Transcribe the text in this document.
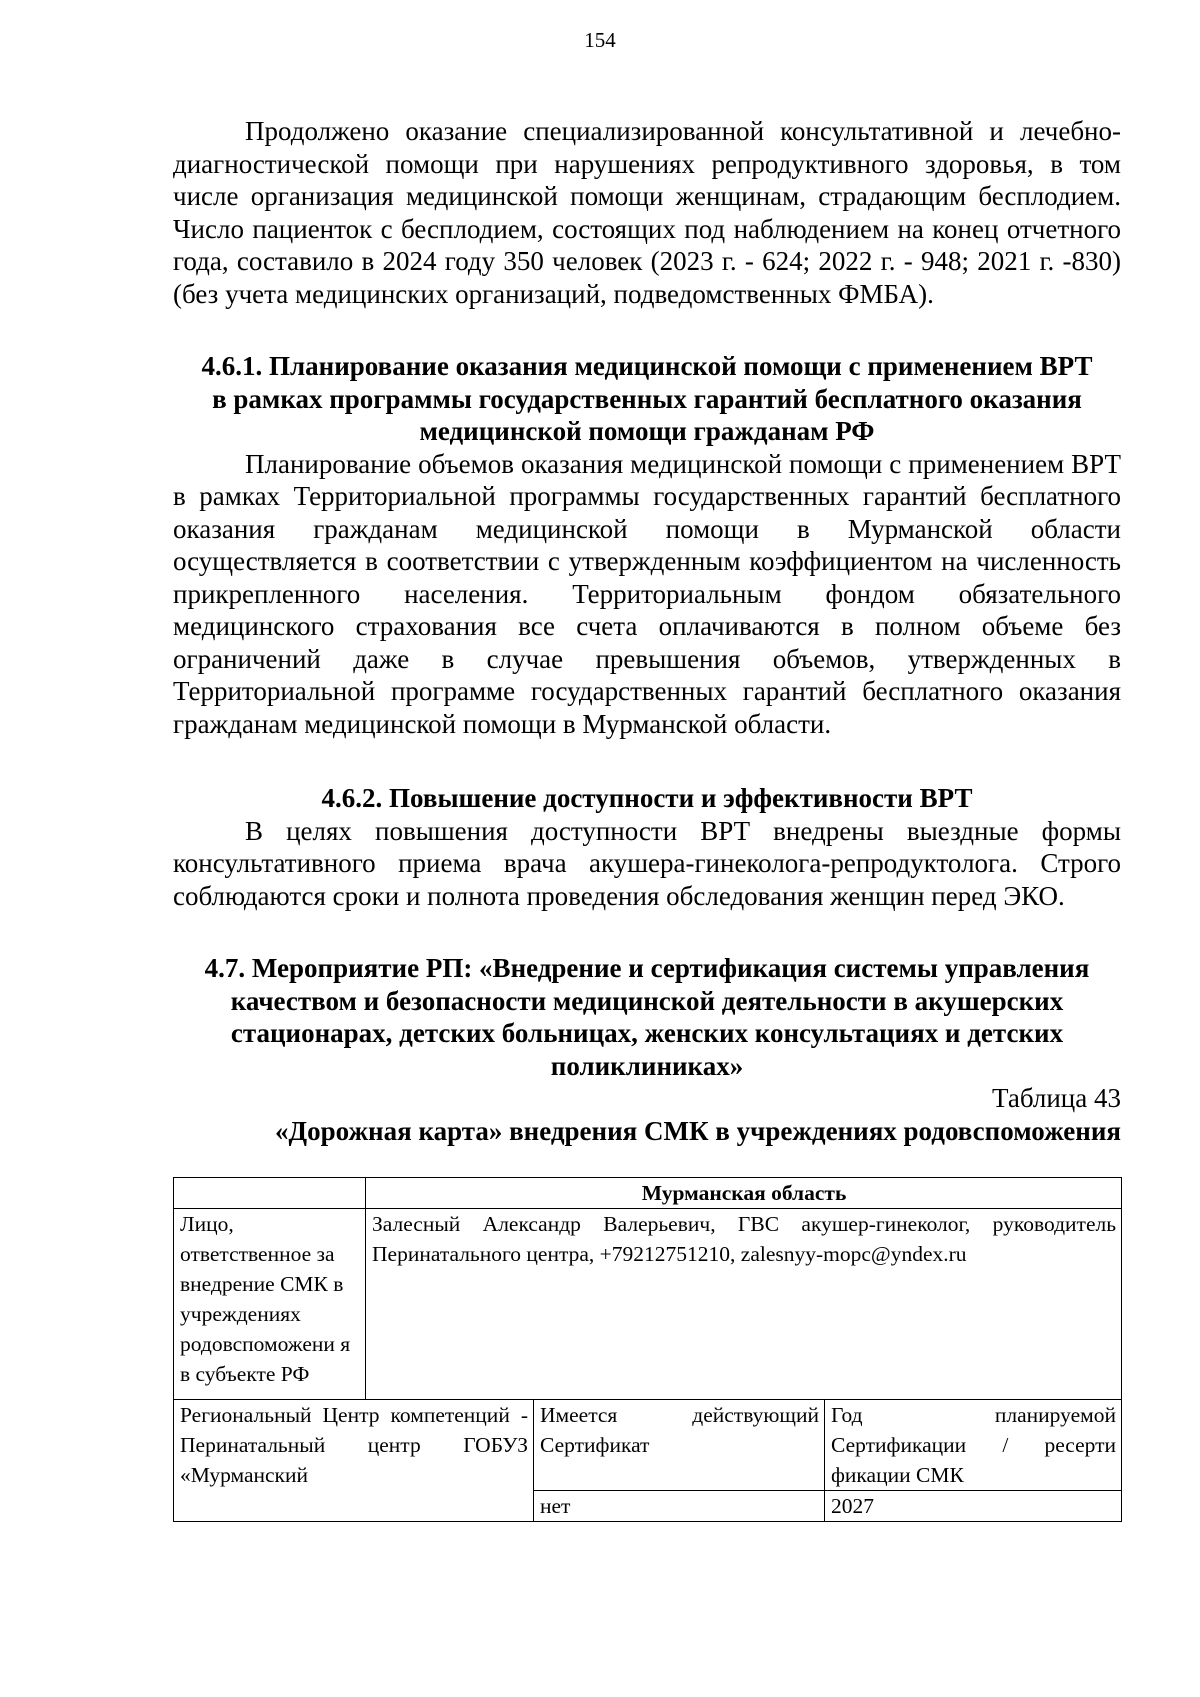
154

Продолжено оказание специализированной консультативной и лечебно-диагностической помощи при нарушениях репродуктивного здоровья, в том числе организация медицинской помощи женщинам, страдающим бесплодием. Число пациенток с бесплодием, состоящих под наблюдением на конец отчетного года, составило в 2024 году 350 человек (2023 г. - 624; 2022 г. - 948; 2021 г. -830) (без учета медицинских организаций, подведомственных ФМБА).

4.6.1. Планирование оказания медицинской помощи с применением ВРТ
в рамках программы государственных гарантий бесплатного оказания
медицинской помощи гражданам РФ

Планирование объемов оказания медицинской помощи с применением ВРТ в рамках Территориальной программы государственных гарантий бесплатного оказания гражданам медицинской помощи в Мурманской области осуществляется в соответствии с утвержденным коэффициентом на численность прикрепленного населения. Территориальным фондом обязательного медицинского страхования все счета оплачиваются в полном объеме без ограничений даже в случае превышения объемов, утвержденных в Территориальной программе государственных гарантий бесплатного оказания гражданам медицинской помощи в Мурманской области.

4.6.2. Повышение доступности и эффективности ВРТ

В целях повышения доступности ВРТ внедрены выездные формы консультативного приема врача акушера-гинеколога-репродуктолога. Строго соблюдаются сроки и полнота проведения обследования женщин перед ЭКО.

4.7. Мероприятие РП: «Внедрение и сертификация системы управления
качеством и безопасности медицинской деятельности в акушерских
стационарах, детских больницах, женских консультациях и детских
поликлиниках»

Таблица 43

«Дорожная карта» внедрения СМК в учреждениях родовспоможения

	Мурманская область		
Лицо, ответственное за внедрение СМК в учреждениях родовспоможени я в субъекте РФ	Залесный Александр Валерьевич, ГВС акушер-гинеколог, руководитель Перинатального центра, +79212751210, zalesnyy-mopc@yndex.ru		
Региональный Центр компетенций - Перинатальный центр ГОБУЗ «Мурманский		Имеется действующий Сертификат	Год планируемой Сертификации / ресерти фикации СМК
		нет	2027
